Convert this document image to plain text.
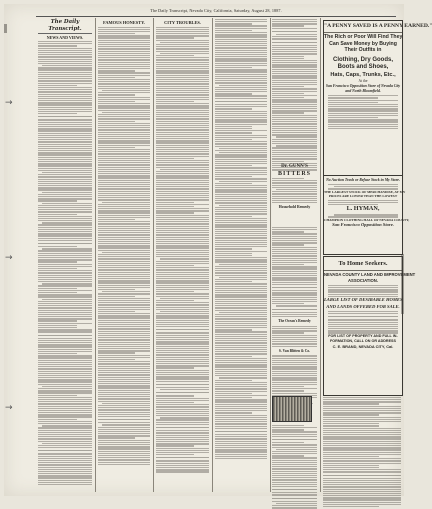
The Daily Transcript, Nevada City, California, Saturday, August 28, 1887.
→
→
→
The Daily Transcript.
NEWS AND VIEWS.
FAMOUS HONESTY.	CITY TROUBLES.
Dr. GUNN'S
BITTERS
Household Remedy
The Ocean's Remedy
S. Van Blitten & Co.
"A PENNY SAVED IS A PENNY EARNED."
The Rich or Poor Will Find They
Can Save Money by Buying
Their Outfits in
Clothing, Dry Goods,
Boots and Shoes,
Hats, Caps, Trunks, Etc.,
At the
San Francisco Opposition Store of Nevada City
and North Bloomfield.
No Auction Trash or Refuse Stock in My Store.
THE LARGEST STOCK OF MERCHANDISE, AT MY
PRICES ARE LOWER THAN THE LOWEST
L. HYMAN,
CHAMPION CLOTHING HALL OF NEVADA COUNTY,
San Francisco Opposition Store.
To Home Seekers.
NEVADA COUNTY LAND AND IMPROVEMENT
ASSOCIATION.
LARGE LIST OF DESIRABLE HOMES
AND LANDS OFFERED FOR SALE.
FOR LIST OF PROPERTY AND FULL IN-
FORMATION, CALL ON OR ADDRESS
C. E. BRAND, NEVADA CITY, Cal.
